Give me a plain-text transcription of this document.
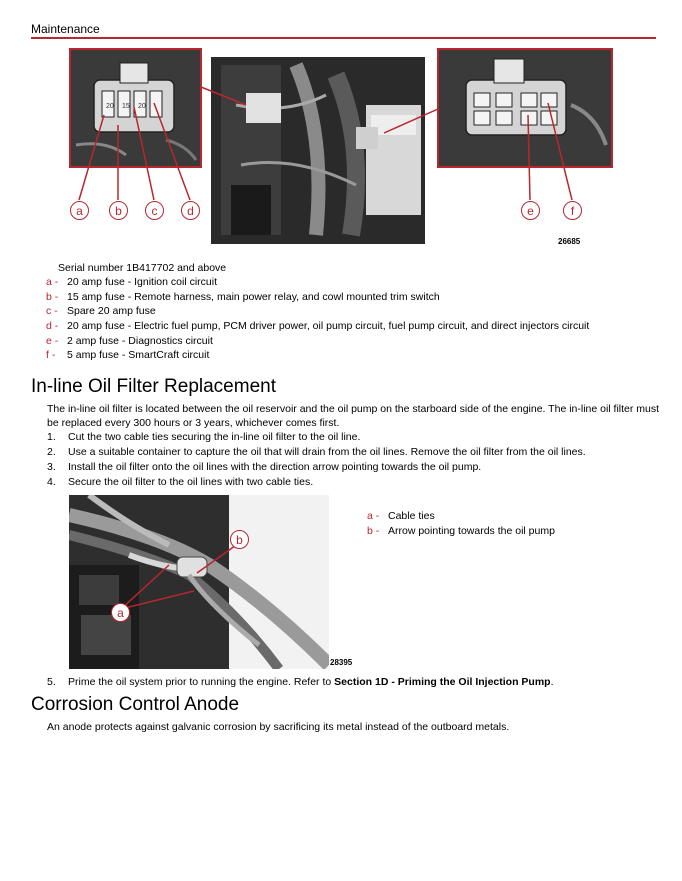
Maintenance
20 15 20
a	b	c	d	e	f
26685
Serial number 1B417702 and above
a - 20 amp fuse - Ignition coil circuit
b - 15 amp fuse - Remote harness, main power relay, and cowl mounted trim switch
c - Spare 20 amp fuse
d - 20 amp fuse - Electric fuel pump, PCM driver power, oil pump circuit, fuel pump circuit, and direct injectors circuit
e - 2 amp fuse - Diagnostics circuit
f - 5 amp fuse - SmartCraft circuit
In-line Oil Filter Replacement
The in-line oil filter is located between the oil reservoir and the oil pump on the starboard side of the engine. The in-line oil filter must be replaced every 300 hours or 3 years, whichever comes first.
1. Cut the two cable ties securing the in-line oil filter to the oil line.
2. Use a suitable container to capture the oil that will drain from the oil lines. Remove the oil filter from the oil lines.
3. Install the oil filter onto the oil lines with the direction arrow pointing towards the oil pump.
4. Secure the oil filter to the oil lines with two cable ties.
a
b
28395
a - Cable ties
b - Arrow pointing towards the oil pump
5. Prime the oil system prior to running the engine. Refer to Section 1D - Priming the Oil Injection Pump.
Corrosion Control Anode
An anode protects against galvanic corrosion by sacrificing its metal instead of the outboard metals.
